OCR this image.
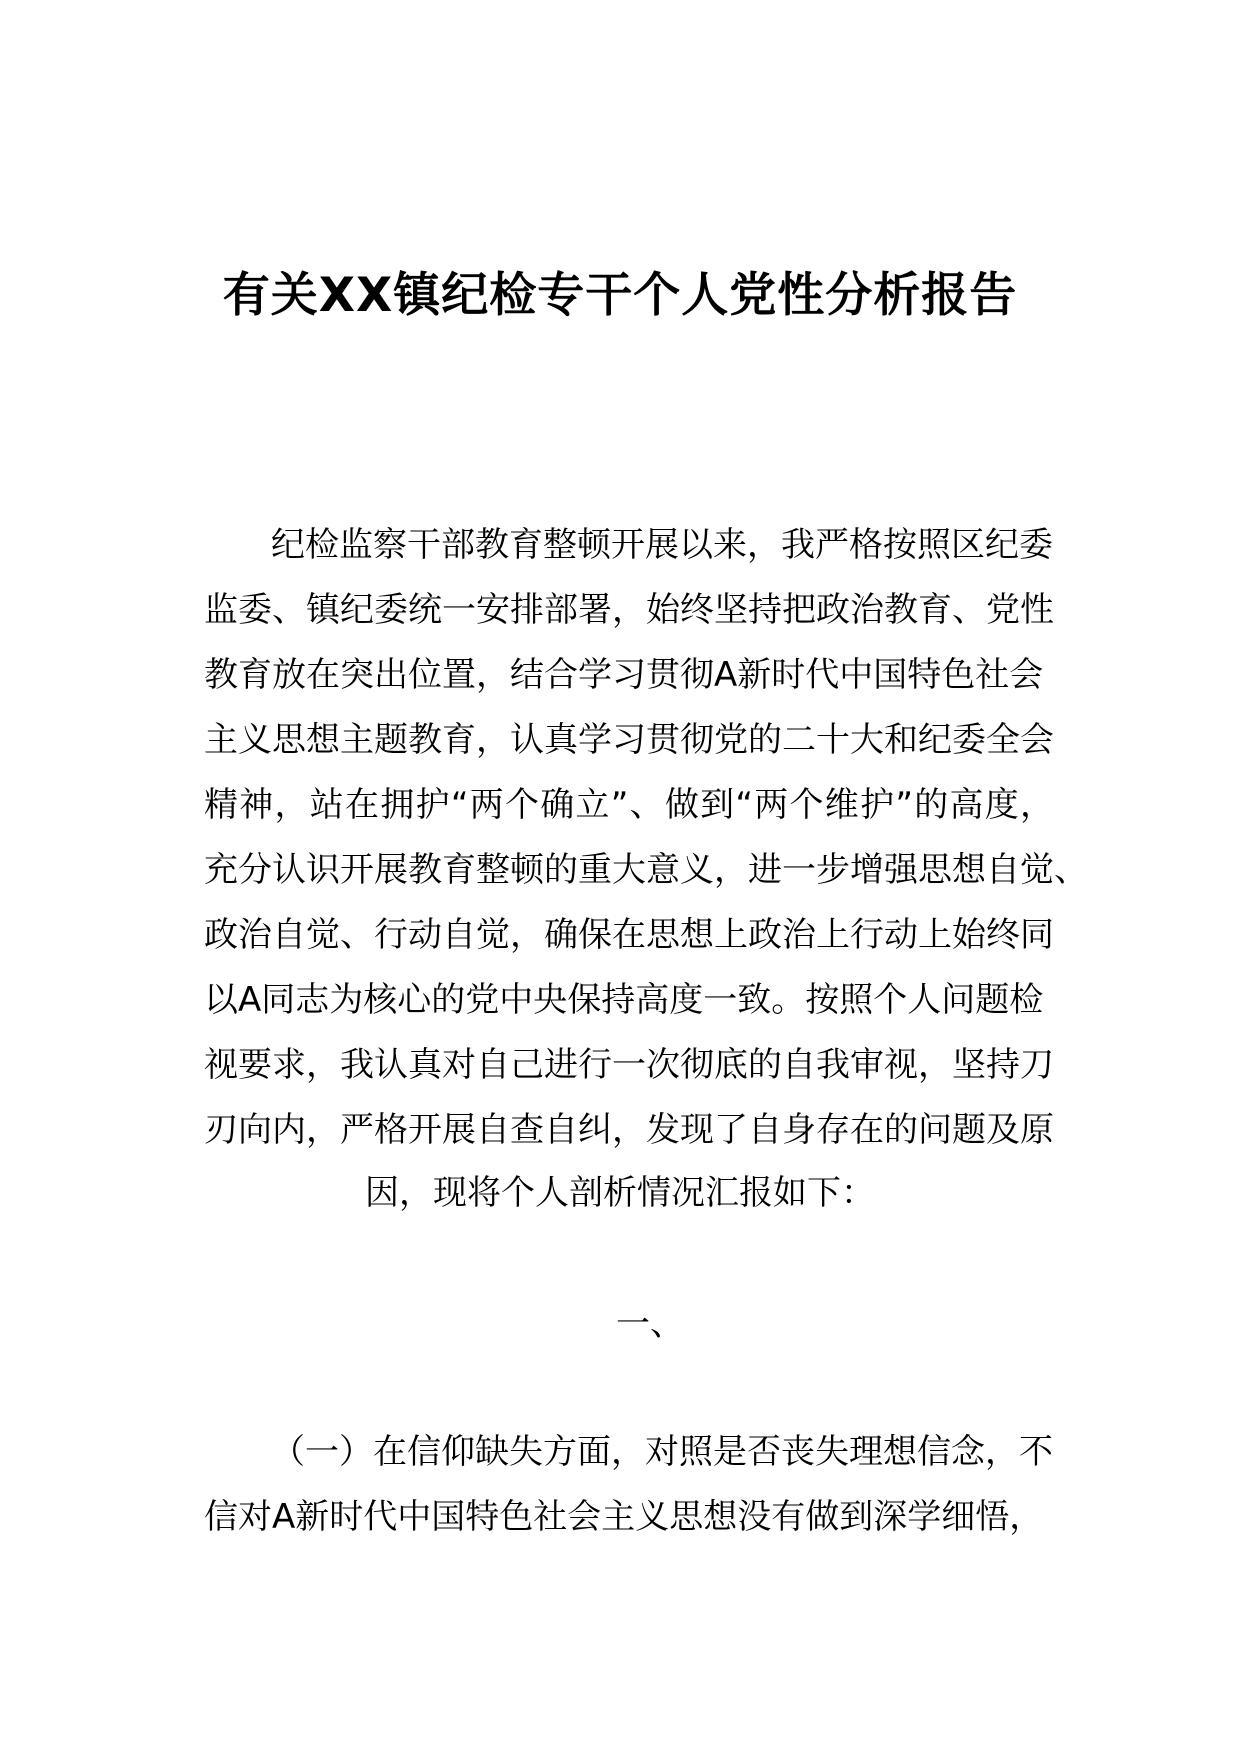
有关XX镇纪检专干个人党性分析报告
纪检监察干部教育整顿开展以来，我严格按照区纪委
监委、镇纪委统一安排部署，始终坚持把政治教育、党性
教育放在突出位置，结合学习贯彻A新时代中国特色社会
主义思想主题教育，认真学习贯彻党的二十大和纪委全会
精神，站在拥护“两个确立”、做到“两个维护”的高度，
充分认识开展教育整顿的重大意义，进一步增强思想自觉、
政治自觉、行动自觉，确保在思想上政治上行动上始终同
以A同志为核心的党中央保持高度一致。按照个人问题检
视要求，我认真对自己进行一次彻底的自我审视，坚持刀
刃向内，严格开展自查自纠，发现了自身存在的问题及原
因，现将个人剖析情况汇报如下：
一、
（一）在信仰缺失方面，对照是否丧失理想信念，不
信对A新时代中国特色社会主义思想没有做到深学细悟，
